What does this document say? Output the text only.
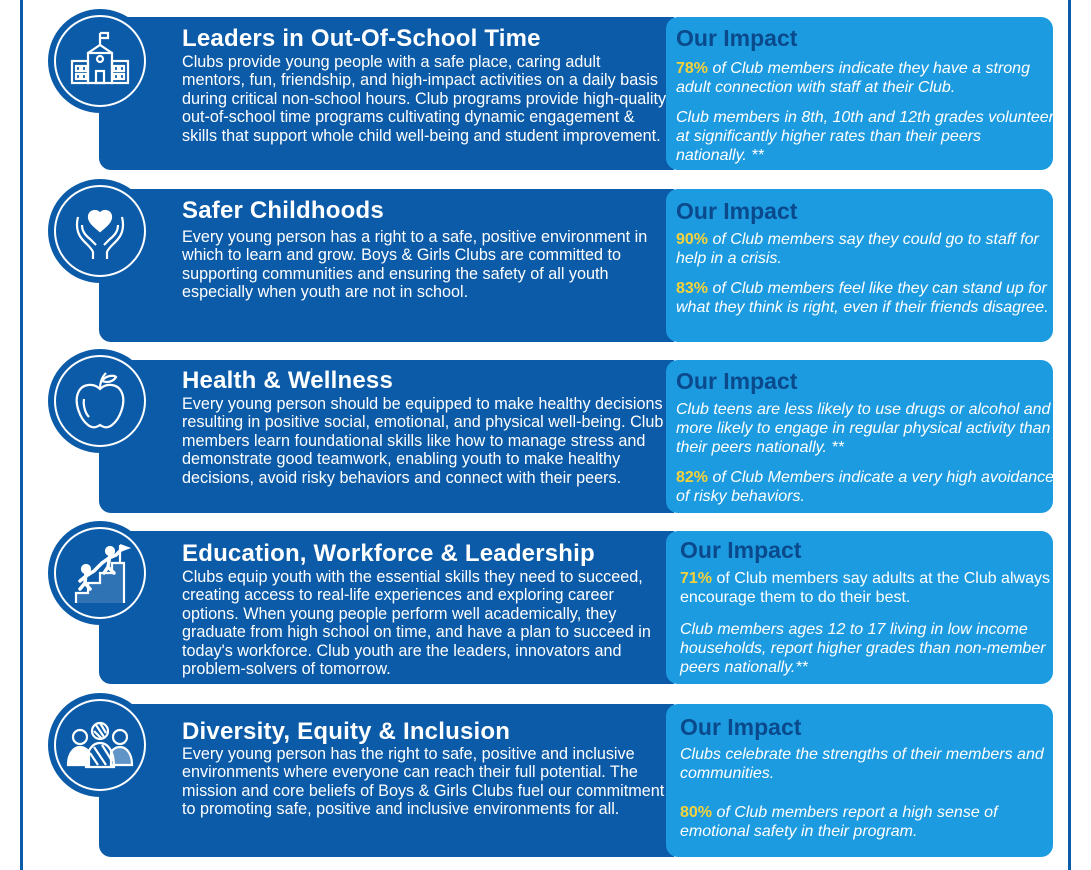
Leaders in Out-Of-School Time

Clubs provide young people with a safe place, caring adult mentors, fun, friendship, and high-impact activities on a daily basis during critical non-school hours. Club programs provide high-quality out-of-school time programs cultivating dynamic engagement & skills that support whole child well-being and student improvement.

Our Impact

78% of Club members indicate they have a strong adult connection with staff at their Club.

Club members in 8th, 10th and 12th grades volunteer at significantly higher rates than their peers nationally. **

Safer Childhoods

Every young person has a right to a safe, positive environment in which to learn and grow. Boys & Girls Clubs are committed to supporting communities and ensuring the safety of all youth especially when youth are not in school.

Our Impact

90% of Club members say they could go to staff for help in a crisis.

83% of Club members feel like they can stand up for what they think is right, even if their friends disagree.

Health & Wellness

Every young person should be equipped to make healthy decisions resulting in positive social, emotional, and physical well-being. Club members learn foundational skills like how to manage stress and demonstrate good teamwork, enabling youth to make healthy decisions, avoid risky behaviors and connect with their peers.

Our Impact

Club teens are less likely to use drugs or alcohol and more likely to engage in regular physical activity than their peers nationally. **

82% of Club Members indicate a very high avoidance of risky behaviors.

Education, Workforce & Leadership

Clubs equip youth with the essential skills they need to succeed, creating access to real-life experiences and exploring career options. When young people perform well academically, they graduate from high school on time, and have a plan to succeed in today's workforce. Club youth are the leaders, innovators and problem-solvers of tomorrow.

Our Impact

71% of Club members say adults at the Club always encourage them to do their best.

Club members ages 12 to 17 living in low income households, report higher grades than non-member peers nationally.**

Diversity, Equity & Inclusion

Every young person has the right to safe, positive and inclusive environments where everyone can reach their full potential. The mission and core beliefs of Boys & Girls Clubs fuel our commitment to promoting safe, positive and inclusive environments for all.

Our Impact

Clubs celebrate the strengths of their members and communities.

80% of Club members report a high sense of emotional safety in their program.
